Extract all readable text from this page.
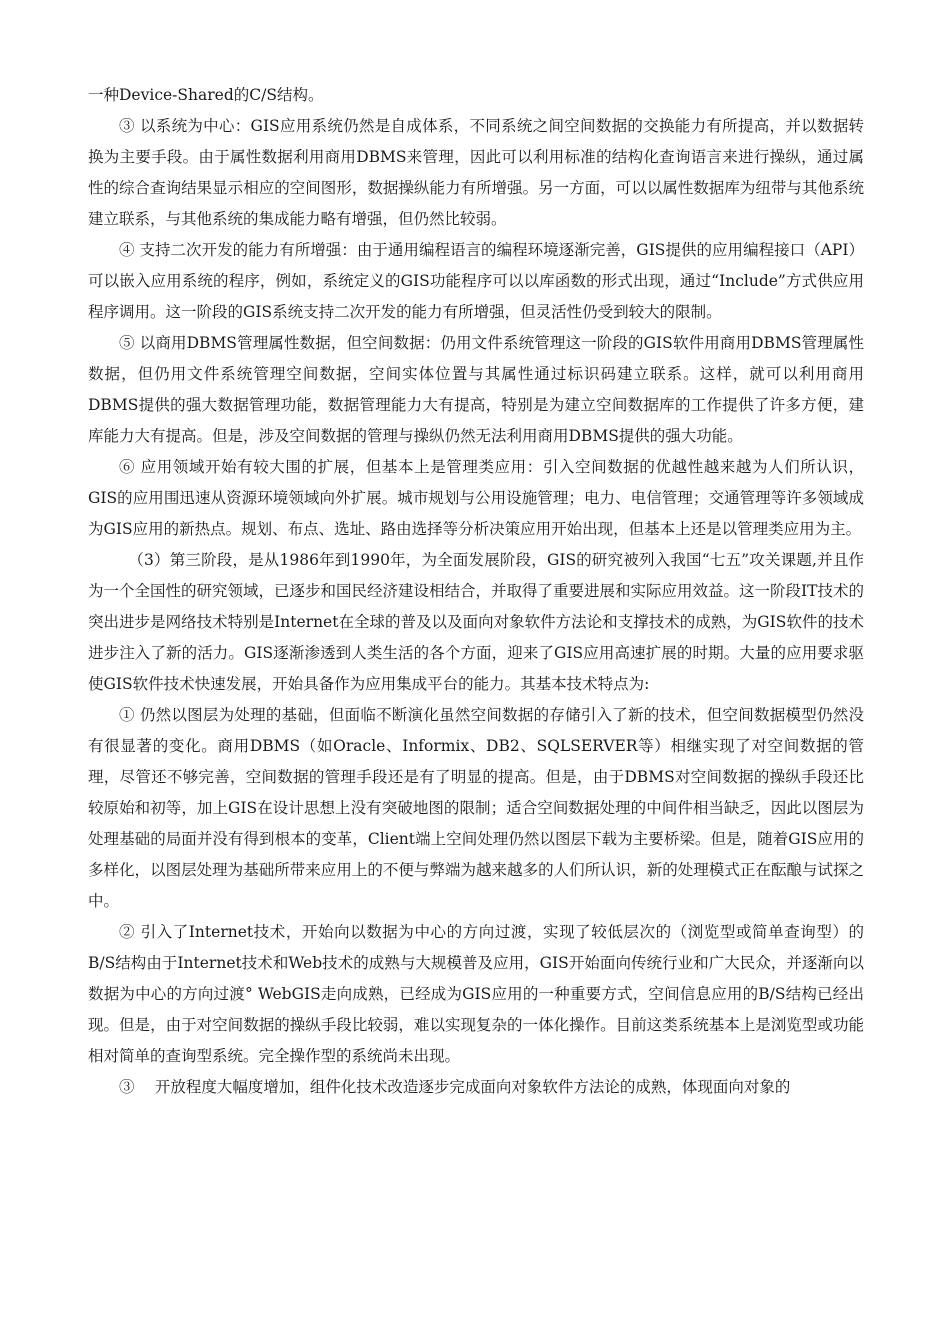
一种Device-Shared的C/S结构。

③ 以系统为中心：GIS应用系统仍然是自成体系，不同系统之间空间数据的交换能力有所提高，并以数据转换为主要手段。由于属性数据利用商用DBMS来管理，因此可以利用标准的结构化查询语言来进行操纵，通过属性的综合查询结果显示相应的空间图形，数据操纵能力有所增强。另一方面，可以以属性数据库为纽带与其他系统建立联系，与其他系统的集成能力略有增强，但仍然比较弱。

④ 支持二次开发的能力有所增强：由于通用编程语言的编程环境逐渐完善，GIS提供的应用编程接口（API）可以嵌入应用系统的程序，例如，系统定义的GIS功能程序可以以库函数的形式出现，通过“Include”方式供应用程序调用。这一阶段的GIS系统支持二次开发的能力有所增强，但灵活性仍受到较大的限制。

⑤ 以商用DBMS管理属性数据，但空间数据：仍用文件系统管理这一阶段的GIS软件用商用DBMS管理属性数据，但仍用文件系统管理空间数据，空间实体位置与其属性通过标识码建立联系。这样，就可以利用商用DBMS提供的强大数据管理功能，数据管理能力大有提高，特别是为建立空间数据库的工作提供了许多方便，建库能力大有提高。但是，涉及空间数据的管理与操纵仍然无法利用商用DBMS提供的强大功能。

⑥ 应用领域开始有较大围的扩展，但基本上是管理类应用：引入空间数据的优越性越来越为人们所认识，GIS的应用围迅速从资源环境领域向外扩展。城市规划与公用设施管理；电力、电信管理；交通管理等许多领域成为GIS应用的新热点。规划、布点、选址、路由选择等分析决策应用开始出现，但基本上还是以管理类应用为主。

（3）第三阶段，是从1986年到1990年，为全面发展阶段，GIS的研究被列入我国“七五”攻关课题,并且作为一个全国性的研究领域，已逐步和国民经济建设相结合，并取得了重要进展和实际应用效益。这一阶段IT技术的突出进步是网络技术特别是Internet在全球的普及以及面向对象软件方法论和支撑技术的成熟，为GIS软件的技术进步注入了新的活力。GIS逐渐渗透到人类生活的各个方面，迎来了GIS应用高速扩展的时期。大量的应用要求驱使GIS软件技术快速发展，开始具备作为应用集成平台的能力。其基本技术特点为:

① 仍然以图层为处理的基础，但面临不断演化虽然空间数据的存储引入了新的技术，但空间数据模型仍然没有很显著的变化。商用DBMS（如Oracle、Informix、DB2、SQLSERVER等）相继实现了对空间数据的管理，尽管还不够完善，空间数据的管理手段还是有了明显的提高。但是，由于DBMS对空间数据的操纵手段还比较原始和初等，加上GIS在设计思想上没有突破地图的限制；适合空间数据处理的中间件相当缺乏，因此以图层为处理基础的局面并没有得到根本的变革，Client端上空间处理仍然以图层下载为主要桥梁。但是，随着GIS应用的多样化，以图层处理为基础所带来应用上的不便与弊端为越来越多的人们所认识，新的处理模式正在酝酿与试探之中。

② 引入了Internet技术，开始向以数据为中心的方向过渡，实现了较低层次的（浏览型或简单查询型）的B/S结构由于Internet技术和Web技术的成熟与大规模普及应用，GIS开始面向传统行业和广大民众，并逐渐向以数据为中心的方向过渡° WebGIS走向成熟，已经成为GIS应用的一种重要方式，空间信息应用的B/S结构已经出现。但是，由于对空间数据的操纵手段比较弱，难以实现复杂的一体化操作。目前这类系统基本上是浏览型或功能相对简单的查询型系统。完全操作型的系统尚未出现。

③ 　开放程度大幅度增加，组件化技术改造逐步完成面向对象软件方法论的成熟，体现面向对象的
